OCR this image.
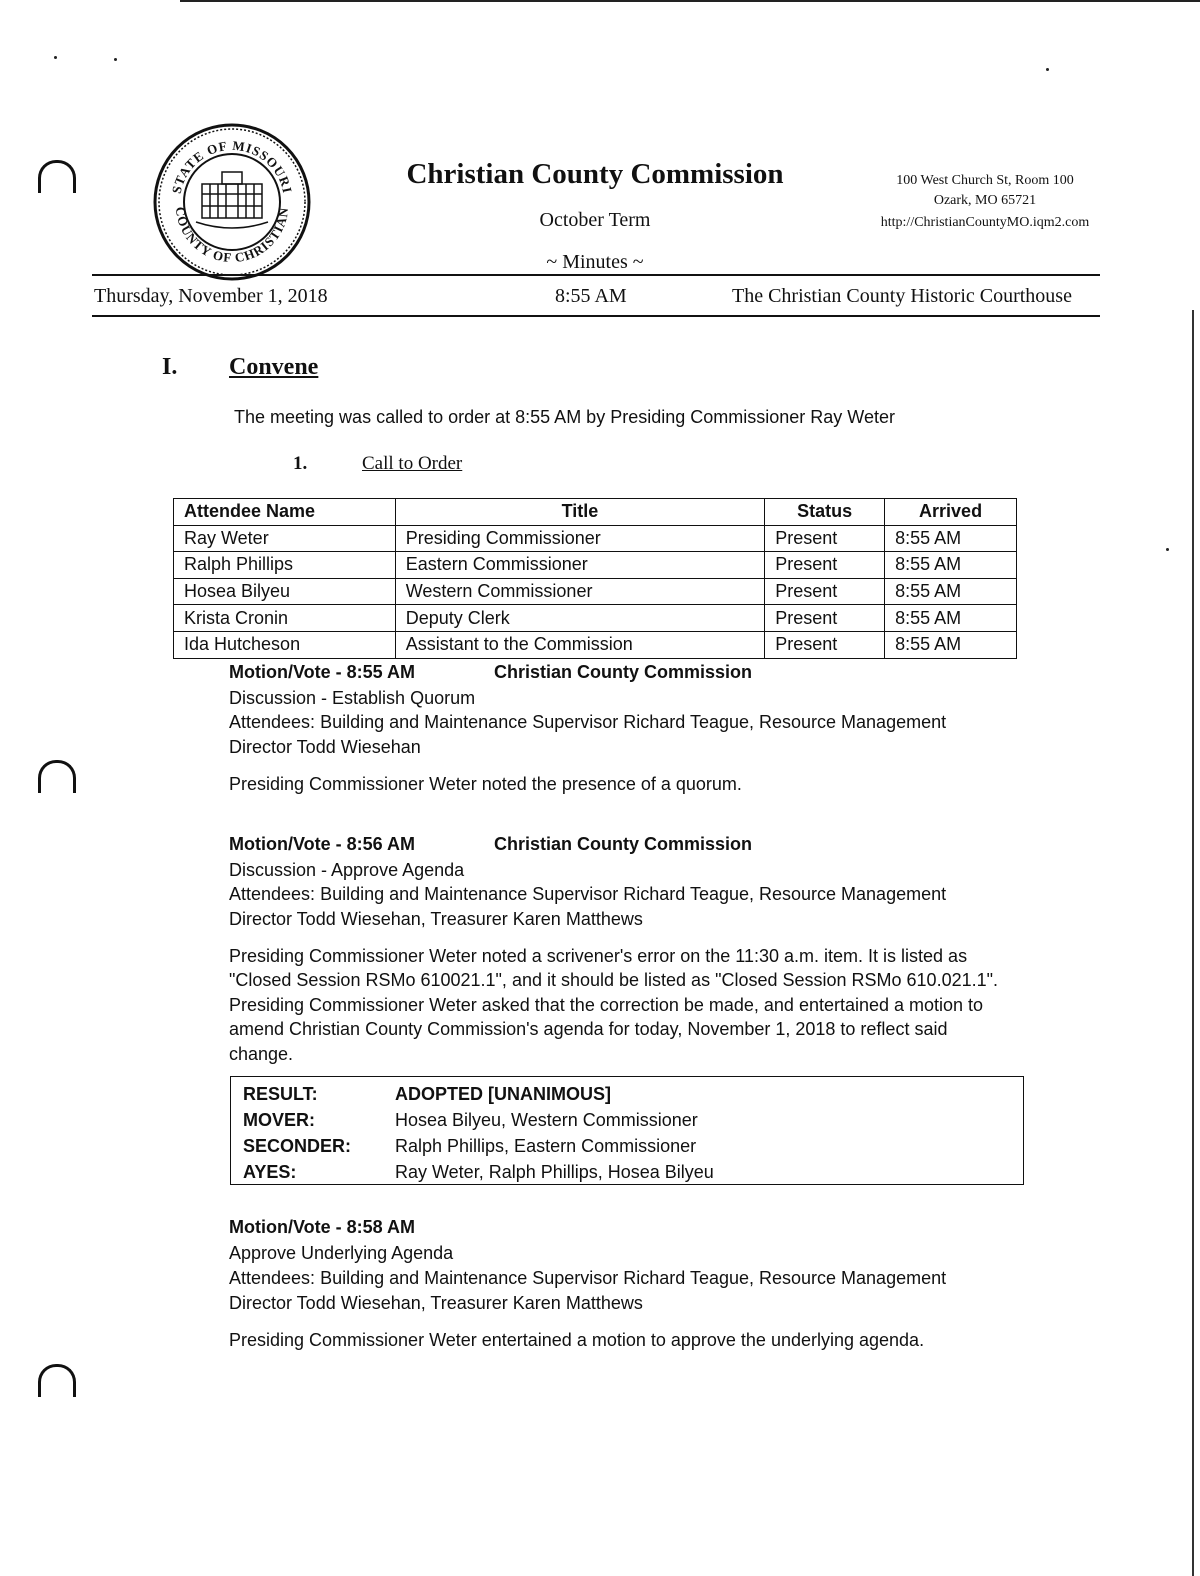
STATE OF MISSOURI
COUNTY OF CHRISTIAN
Christian County Commission
October Term
~ Minutes ~
100 West Church St, Room 100
Ozark, MO 65721
http://ChristianCountyMO.iqm2.com
Thursday, November 1, 2018	8:55 AM	The Christian County Historic Courthouse
I. Convene
The meeting was called to order at 8:55 AM by Presiding Commissioner Ray Weter
1.	Call to Order
Attendee Name	Title	Status	Arrived
Ray Weter	Presiding Commissioner	Present	8:55 AM
Ralph Phillips	Eastern Commissioner	Present	8:55 AM
Hosea Bilyeu	Western Commissioner	Present	8:55 AM
Krista Cronin	Deputy Clerk	Present	8:55 AM
Ida Hutcheson	Assistant to the Commission	Present	8:55 AM
Motion/Vote - 8:55 AM	Christian County Commission
Discussion - Establish Quorum
Attendees: Building and Maintenance Supervisor Richard Teague, Resource Management
Director Todd Wiesehan
Presiding Commissioner Weter noted the presence of a quorum.
Motion/Vote - 8:56 AM	Christian County Commission
Discussion - Approve Agenda
Attendees: Building and Maintenance Supervisor Richard Teague, Resource Management
Director Todd Wiesehan, Treasurer Karen Matthews
Presiding Commissioner Weter noted a scrivener's error on the 11:30 a.m. item. It is listed as
"Closed Session RSMo 610021.1", and it should be listed as "Closed Session RSMo 610.021.1".
Presiding Commissioner Weter asked that the correction be made, and entertained a motion to
amend Christian County Commission's agenda for today, November 1, 2018 to reflect said
change.
RESULT:	ADOPTED [UNANIMOUS]
MOVER:	Hosea Bilyeu, Western Commissioner
SECONDER: Ralph Phillips, Eastern Commissioner
AYES:	Ray Weter, Ralph Phillips, Hosea Bilyeu
Motion/Vote - 8:58 AM
Approve Underlying Agenda
Attendees: Building and Maintenance Supervisor Richard Teague, Resource Management
Director Todd Wiesehan, Treasurer Karen Matthews
Presiding Commissioner Weter entertained a motion to approve the underlying agenda.
